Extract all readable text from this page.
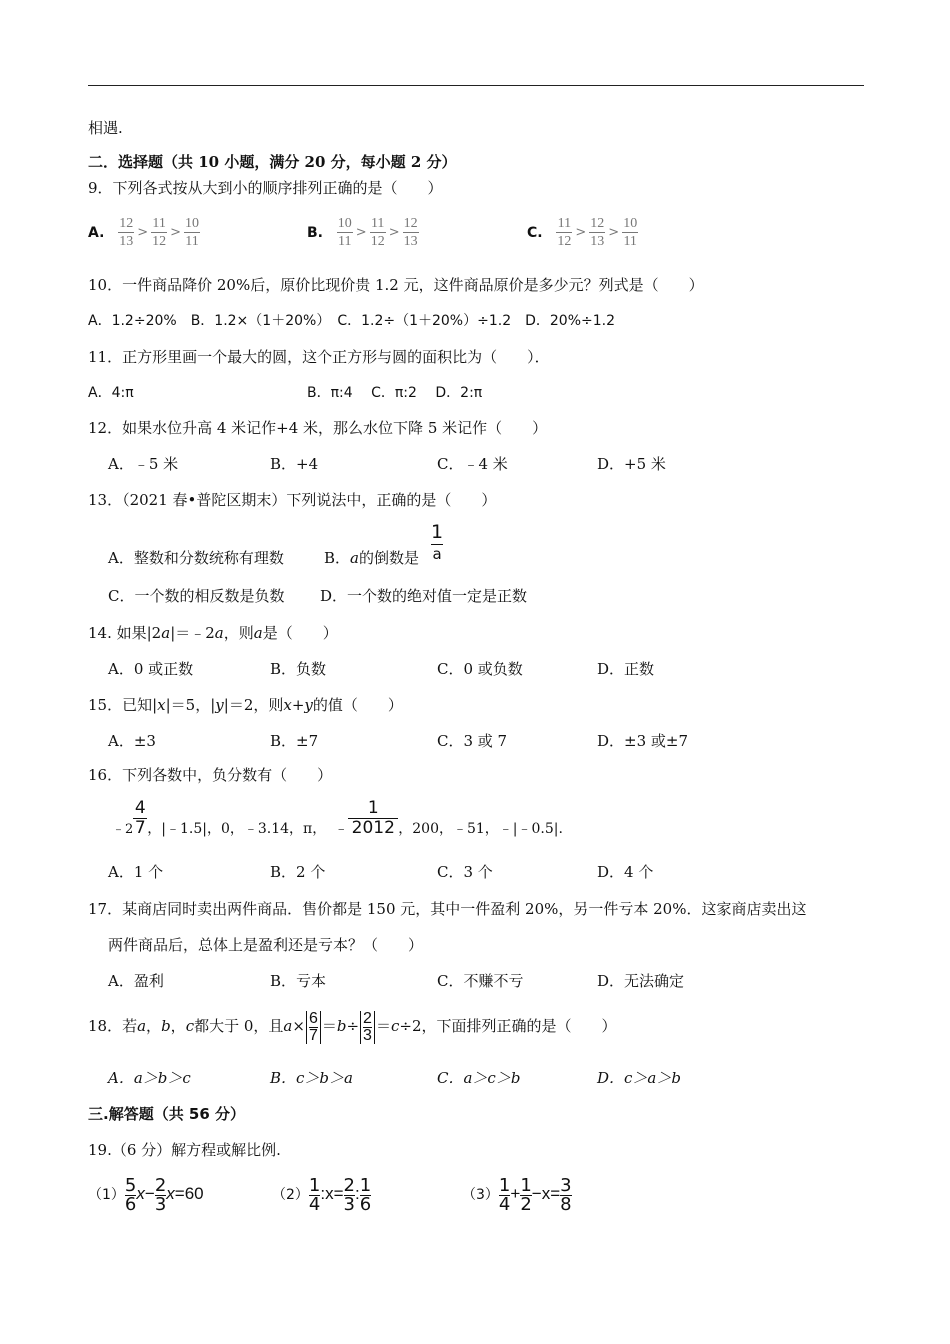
相遇.
二．选择题（共 10 小题，满分 20 分，每小题 2 分）
9．下列各式按从大到小的顺序排列正确的是（　　）
A. $\frac{12}{13} > \frac{11}{12} > \frac{10}{11}$	B. $\frac{10}{11} > \frac{11}{12} > \frac{12}{13}$	C. $\frac{11}{12} > \frac{12}{13} > \frac{10}{11}$
10．一件商品降价 20%后，原价比现价贵 1.2 元，这件商品原价是多少元？列式是（　　）
A．1.2÷20%　B．1.2×（1＋20%）　C．1.2÷（1＋20%）÷1.2　D．20%÷1.2
11．正方形里画一个最大的圆，这个正方形与圆的面积比为（　　）．
A．4:π	B．π:4　 C．π:2　 D．2:π
12．如果水位升高 4 米记作+4 米，那么水位下降 5 米记作（　　）
A．﹣5 米	B．+4	C．﹣4 米	D．+5 米
13．（2021 春•普陀区期末）下列说法中，正确的是（　　）
A．整数和分数统称有理数	B．a的倒数是
1
a
C．一个数的相反数是负数 D．一个数的绝对值一定是正数
14. 如果|2a|＝﹣2a，则a是（　　）
A．0 或正数	B．负数	C．0 或负数	D．正数
15．已知|x|＝5，|y|＝2，则x+y的值（　　）
A．±3	B．±7	C．3 或 7	D．±3 或±7
16．下列各数中，负分数有（　　）
﹣2 $\frac{4}{7}$ ，|﹣1.5|，0，﹣3.14，π， ﹣ $\frac{1}{2012}$ ，200，﹣51，﹣|﹣0.5|.
A．1 个	B．2 个	C．3 个	D．4 个
17．某商店同时卖出两件商品．售价都是 150 元，其中一件盈利 20%，另一件亏本 20%．这家商店卖出这
两件商品后，总体上是盈利还是亏本？（　　）
A．盈利	B．亏本	C．不赚不亏	D．无法确定
18．若a，b，c都大于 0，且$a\times \frac{6}{7} =b\div \frac{2}{3} =c\div 2$，下面排列正确的是（　　）
A．a＞b＞c	B．c＞b＞a	C．a＞c＞b	D．c＞a＞b
三.解答题（共 56 分）
19.（6 分）解方程或解比例.
$(1) \frac{5}{6} x- \frac{2}{3} x=60$	$(2) \frac{1}{4}$ :x= $\frac{2}{3}$ : $\frac{1}{6}$	$(3) \frac{1}{4} + \frac{1}{2} -x= \frac{3}{8}$
